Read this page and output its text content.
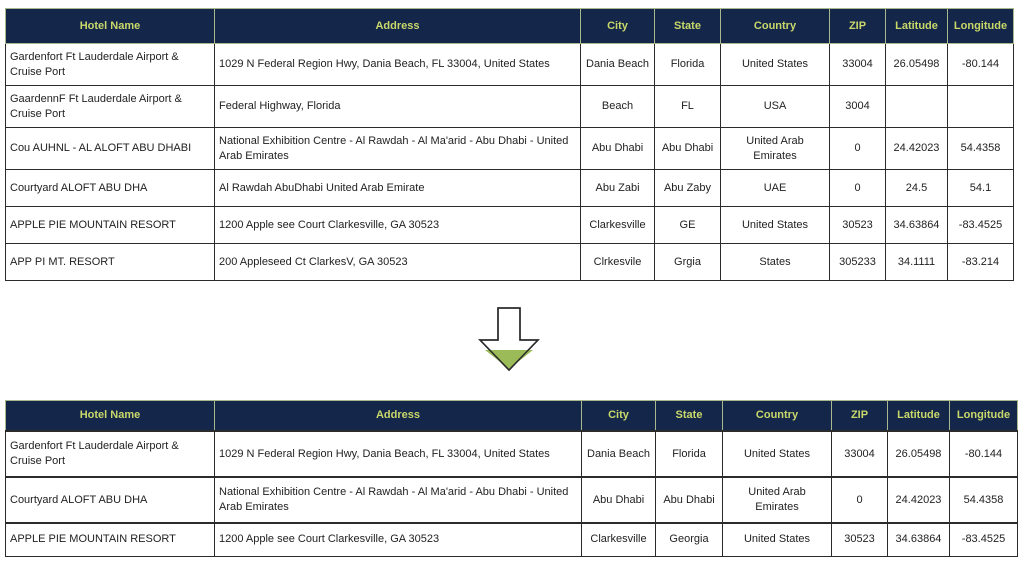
Hotel Name	Address	City	State	Country	ZIP	Latitude	Longitude
Gardenfort Ft Lauderdale Airport & Cruise Port	1029 N Federal Region Hwy, Dania Beach, FL 33004, United States	Dania Beach	Florida	United States	33004	26.05498	-80.144
GaardennF Ft Lauderdale Airport & Cruise Port	Federal Highway, Florida	Beach	FL	USA	3004		
Cou AUHNL - AL ALOFT ABU DHABI	National Exhibition Centre - Al Rawdah - Al Ma'arid - Abu Dhabi - United Arab Emirates	Abu Dhabi	Abu Dhabi	United Arab Emirates	0	24.42023	54.4358
Courtyard ALOFT ABU DHA	Al Rawdah AbuDhabi United Arab Emirate	Abu Zabi	Abu Zaby	UAE	0	24.5	54.1
APPLE PIE MOUNTAIN RESORT	1200 Apple see Court Clarkesville, GA 30523	Clarkesville	GE	United States	30523	34.63864	-83.4525
APP PI MT. RESORT	200 Appleseed Ct ClarkesV, GA 30523	Clrkesvile	Grgia	States	305233	34.1111	-83.214
Hotel Name	Address	City	State	Country	ZIP	Latitude	Longitude
Gardenfort Ft Lauderdale Airport & Cruise Port	1029 N Federal Region Hwy, Dania Beach, FL 33004, United States	Dania Beach	Florida	United States	33004	26.05498	-80.144
Courtyard ALOFT ABU DHA	National Exhibition Centre - Al Rawdah - Al Ma'arid - Abu Dhabi - United Arab Emirates	Abu Dhabi	Abu Dhabi	United Arab Emirates	0	24.42023	54.4358
APPLE PIE MOUNTAIN RESORT	1200 Apple see Court Clarkesville, GA 30523	Clarkesville	Georgia	United States	30523	34.63864	-83.4525
